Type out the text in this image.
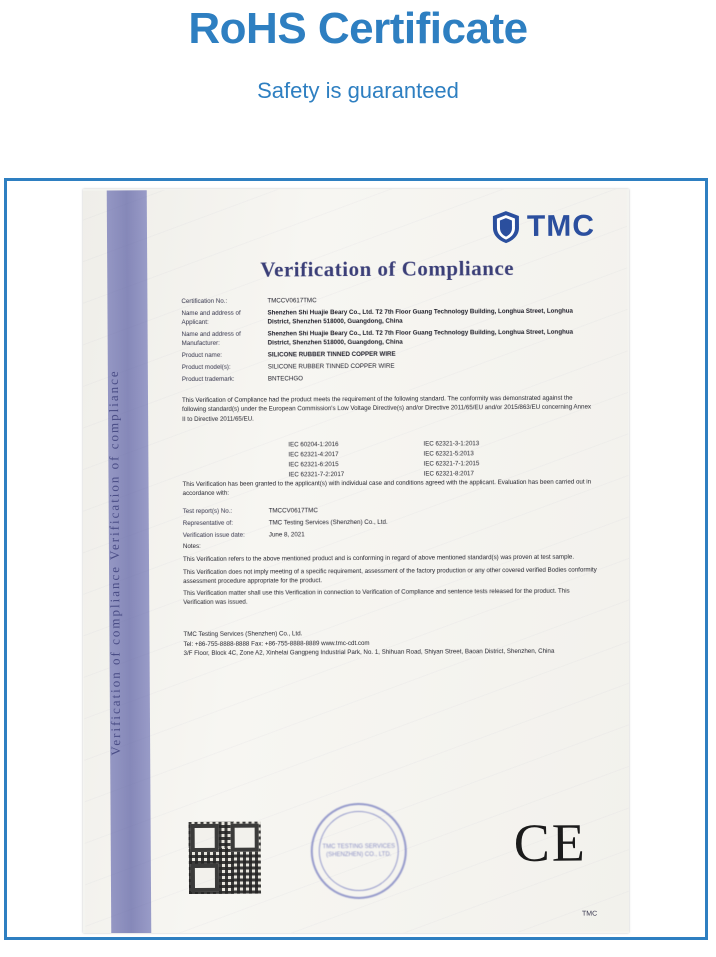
RoHS Certificate

Safety is guaranteed

Verification of compliance Verification of compliance
TMC
Verification of Compliance
Certification No.:	TMCCV0617TMC
Name and address of Applicant:
Shenzhen Shi Huajie Beary Co., Ltd. T2 7th Floor Guang Technology Building, Longhua Street, Longhua District, Shenzhen 518000, Guangdong, China
Name and address of Manufacturer:
Shenzhen Shi Huajie Beary Co., Ltd. T2 7th Floor Guang Technology Building, Longhua Street, Longhua District, Shenzhen 518000, Guangdong, China
Product name:	SILICONE RUBBER TINNED COPPER WIRE
Product model(s):	SILICONE RUBBER TINNED COPPER WIRE
Product trademark:	BNTECHGO
This Verification of Compliance had the product meets the requirement of the following standard. The conformity was demonstrated against the following standard(s) under the European Commission's Low Voltage Directive(s) and/or Directive 2011/65/EU and/or 2015/863/EU concerning Annex II to Directive 2011/65/EU.
IEC 60204-1:2016	IEC 62321-3-1:2013
IEC 62321-4:2017	IEC 62321-5:2013
IEC 62321-6:2015	IEC 62321-7-1:2015
IEC 62321-7-2:2017	IEC 62321-8:2017
This Verification has been granted to the applicant(s) with individual case and conditions agreed with the applicant. Evaluation has been carried out in accordance with:
Test report(s) No.:	TMCCV0617TMC
Representative of:	TMC Testing Services (Shenzhen) Co., Ltd.
Verification issue date:	June 8, 2021
Notes:
This Verification refers to the above mentioned product and is conforming in regard of above mentioned standard(s) was proven at test sample.
This Verification does not imply meeting of a specific requirement, assessment of the factory production or any other covered verified Bodies conformity assessment procedure appropriate for the product.
This Verification matter shall use this Verification in connection to Verification of Compliance and sentence tests released for the product. This Verification was issued.
TMC Testing Services (Shenzhen) Co., Ltd.
Tel: +86-755-8888-8888 Fax: +86-755-8888-8889 www.tmc-cdt.com
3/F Floor, Block 4C, Zone A2, Xinhelai Gangpeng Industrial Park, No. 1, Shihuan Road, Shiyan Street, Baoan District, Shenzhen, China
TMC TESTING SERVICES (SHENZHEN) CO., LTD. CE
TMC
